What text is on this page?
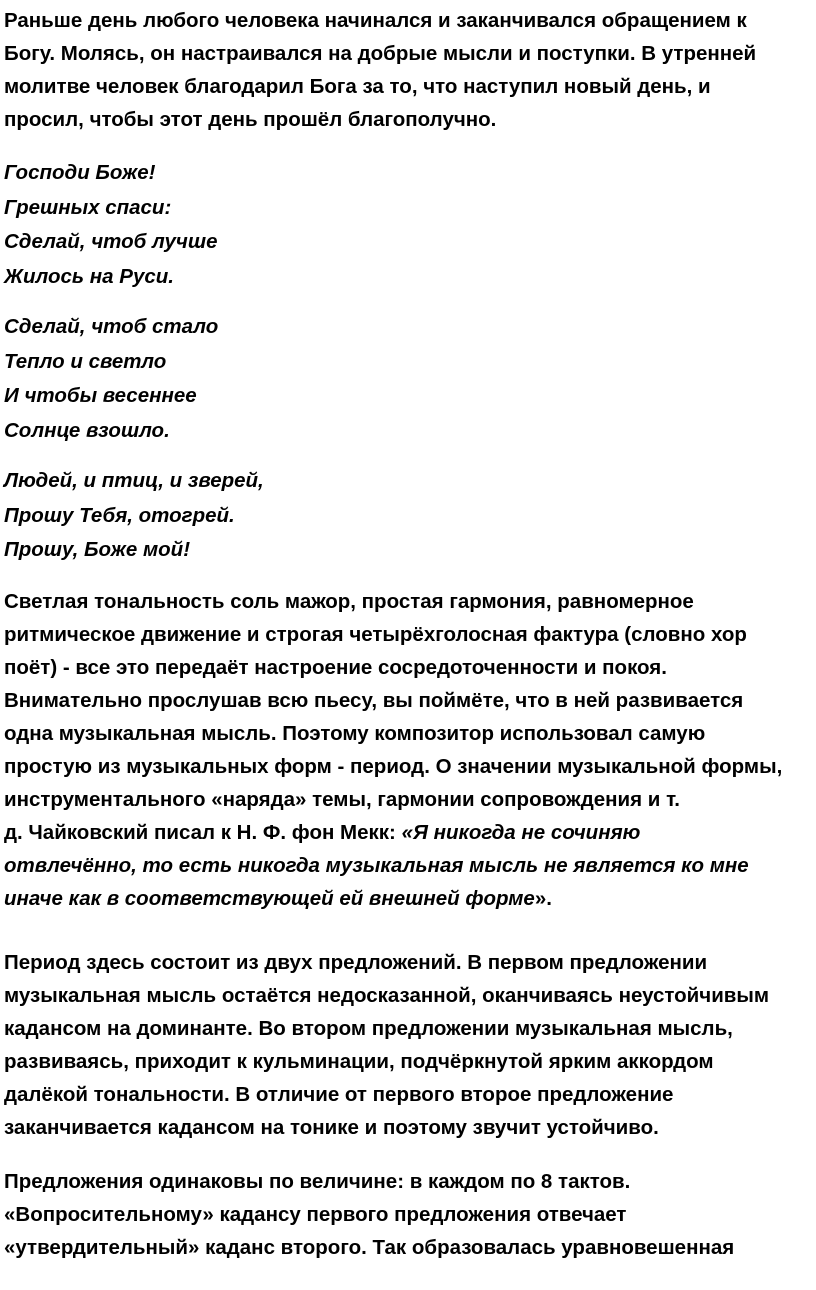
Раньше день любого человека начинался и заканчивался обращением к
Богу. Молясь, он настраивался на добрые мысли и поступки. В утренней
молитве человек благодарил Бога за то, что наступил новый день, и
просил, чтобы этот день прошёл благополучно.

Господи Боже!
Грешных спаси:
Сделай, чтоб лучше
Жилось на Руси.

Сделай, чтоб стало
Тепло и светло
И чтобы весеннее
Солнце взошло.

Людей, и птиц, и зверей,
Прошу Тебя, отогрей.
Прошу, Боже мой!

Светлая тональность соль мажор, простая гармония, равномерное
ритмическое движение и строгая четырёхголосная фактура (словно хор
поёт) - все это передаёт настроение сосредоточенности и покоя.
Внимательно прослушав всю пьесу, вы поймёте, что в ней развивается
одна музыкальная мысль. Поэтому композитор использовал самую
простую из музыкальных форм - период. О значении музыкальной формы,
инструментального «наряда» темы, гармонии сопровождения и т.
д. Чайковский писал к Н. Ф. фон Мекк: «Я никогда не сочиняю
отвлечённо, то есть никогда музыкальная мысль не является ко мне
иначе как в соответствующей ей внешней форме».

Период здесь состоит из двух предложений. В первом предложении
музыкальная мысль остаётся недосказанной, оканчиваясь неустойчивым
кадансом на доминанте. Во втором предложении музыкальная мысль,
развиваясь, приходит к кульминации, подчёркнутой ярким аккордом
далёкой тональности. В отличие от первого второе предложение
заканчивается кадансом на тонике и поэтому звучит устойчиво.

Предложения одинаковы по величине: в каждом по 8 тактов.
«Вопросительному» кадансу первого предложения отвечает
«утвердительный» каданс второго. Так образовалась уравновешенная
